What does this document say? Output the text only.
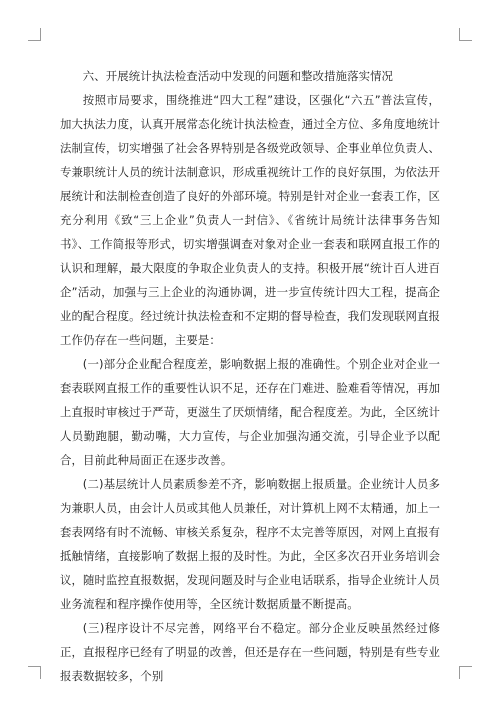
六、开展统计执法检查活动中发现的问题和整改措施落实情况

按照市局要求，围绕推进“四大工程”建设，区强化“六五”普法宣传，加大执法力度，认真开展常态化统计执法检查，通过全方位、多角度地统计法制宣传，切实增强了社会各界特别是各级党政领导、企事业单位负责人、专兼职统计人员的统计法制意识，形成重视统计工作的良好氛围，为依法开展统计和法制检查创造了良好的外部环境。特别是针对企业一套表工作，区充分利用《致“三上企业”负责人一封信》、《省统计局统计法律事务告知书》、工作简报等形式，切实增强调查对象对企业一套表和联网直报工作的认识和理解，最大限度的争取企业负责人的支持。积极开展“统计百人进百企”活动，加强与三上企业的沟通协调，进一步宣传统计四大工程，提高企业的配合程度。经过统计执法检查和不定期的督导检查，我们发现联网直报工作仍存在一些问题，主要是：

(一)部分企业配合程度差，影响数据上报的准确性。个别企业对企业一套表联网直报工作的重要性认识不足，还存在门难进、脸难看等情况，再加上直报时审核过于严苛，更滋生了厌烦情绪，配合程度差。为此，全区统计人员勤跑腿，勤动嘴，大力宣传，与企业加强沟通交流，引导企业予以配合，目前此种局面正在逐步改善。

(二)基层统计人员素质参差不齐，影响数据上报质量。企业统计人员多为兼职人员，由会计人员或其他人员兼任，对计算机上网不太精通，加上一套表网络有时不流畅、审核关系复杂，程序不太完善等原因，对网上直报有抵触情绪，直接影响了数据上报的及时性。为此，全区多次召开业务培训会议，随时监控直报数据，发现问题及时与企业电话联系，指导企业统计人员业务流程和程序操作使用等，全区统计数据质量不断提高。

(三)程序设计不尽完善，网络平台不稳定。部分企业反映虽然经过修正，直报程序已经有了明显的改善，但还是存在一些问题，特别是有些专业报表数据较多，个别
